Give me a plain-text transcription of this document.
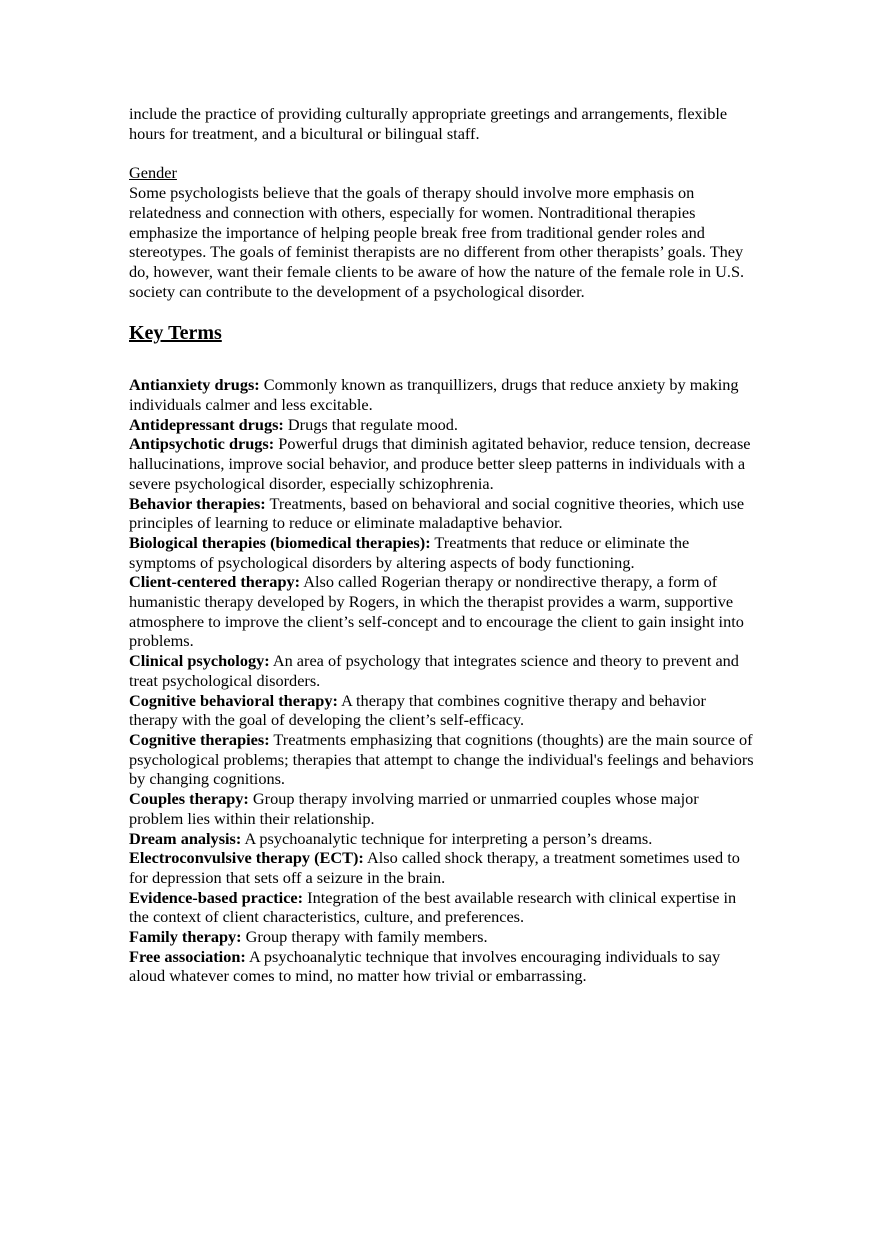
include the practice of providing culturally appropriate greetings and arrangements, flexible hours for treatment, and a bicultural or bilingual staff.

Gender

Some psychologists believe that the goals of therapy should involve more emphasis on relatedness and connection with others, especially for women. Nontraditional therapies emphasize the importance of helping people break free from traditional gender roles and stereotypes. The goals of feminist therapists are no different from other therapists’ goals. They do, however, want their female clients to be aware of how the nature of the female role in U.S. society can contribute to the development of a psychological disorder.

Key Terms
Antianxiety drugs: Commonly known as tranquillizers, drugs that reduce anxiety by making individuals calmer and less excitable.
Antidepressant drugs: Drugs that regulate mood.
Antipsychotic drugs: Powerful drugs that diminish agitated behavior, reduce tension, decrease hallucinations, improve social behavior, and produce better sleep patterns in individuals with a severe psychological disorder, especially schizophrenia.
Behavior therapies: Treatments, based on behavioral and social cognitive theories, which use principles of learning to reduce or eliminate maladaptive behavior.
Biological therapies (biomedical therapies): Treatments that reduce or eliminate the symptoms of psychological disorders by altering aspects of body functioning.
Client-centered therapy: Also called Rogerian therapy or nondirective therapy, a form of humanistic therapy developed by Rogers, in which the therapist provides a warm, supportive atmosphere to improve the client’s self-concept and to encourage the client to gain insight into problems.
Clinical psychology: An area of psychology that integrates science and theory to prevent and treat psychological disorders.
Cognitive behavioral therapy: A therapy that combines cognitive therapy and behavior therapy with the goal of developing the client’s self-efficacy.
Cognitive therapies: Treatments emphasizing that cognitions (thoughts) are the main source of psychological problems; therapies that attempt to change the individual's feelings and behaviors by changing cognitions.
Couples therapy: Group therapy involving married or unmarried couples whose major problem lies within their relationship.
Dream analysis: A psychoanalytic technique for interpreting a person’s dreams.
Electroconvulsive therapy (ECT): Also called shock therapy, a treatment sometimes used to for depression that sets off a seizure in the brain.
Evidence-based practice: Integration of the best available research with clinical expertise in the context of client characteristics, culture, and preferences.
Family therapy: Group therapy with family members.
Free association: A psychoanalytic technique that involves encouraging individuals to say aloud whatever comes to mind, no matter how trivial or embarrassing.
